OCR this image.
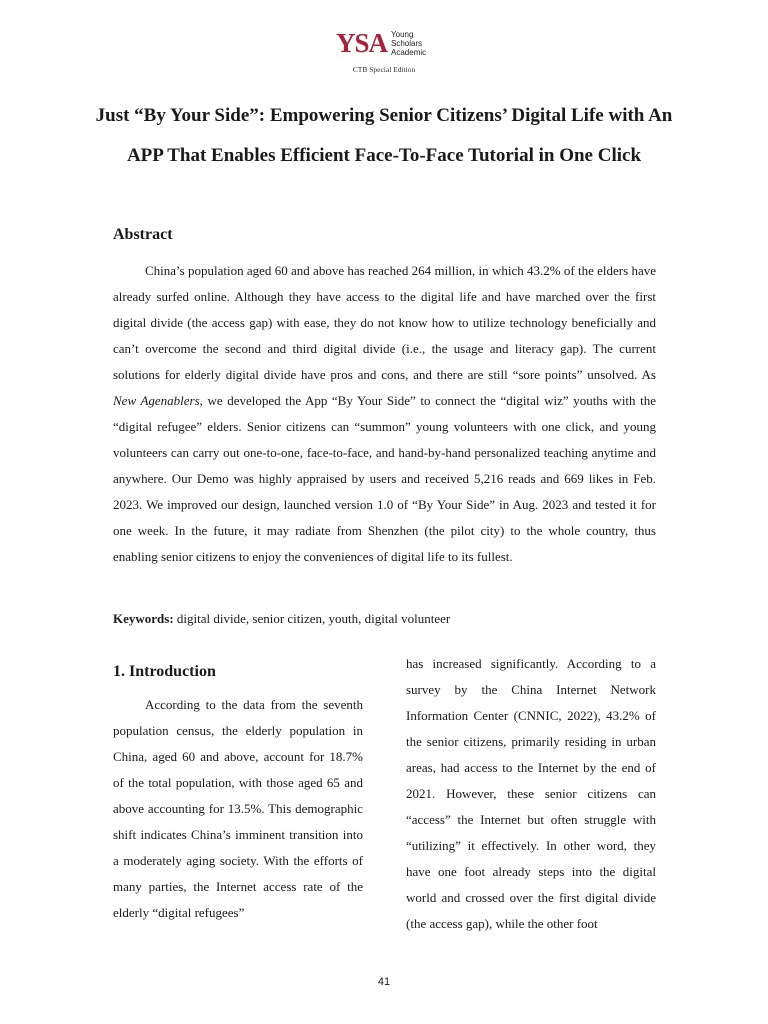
YSA Young
Scholars
Academic
CTB Special Edition
Just “By Your Side”: Empowering Senior Citizens’ Digital Life with An APP That Enables Efficient Face-To-Face Tutorial in One Click
Abstract

China’s population aged 60 and above has reached 264 million, in which 43.2% of the elders have already surfed online. Although they have access to the digital life and have marched over the first digital divide (the access gap) with ease, they do not know how to utilize technology beneficially and can’t overcome the second and third digital divide (i.e., the usage and literacy gap). The current solutions for elderly digital divide have pros and cons, and there are still “sore points” unsolved. As New Agenablers, we developed the App “By Your Side” to connect the “digital wiz” youths with the “digital refugee” elders. Senior citizens can “summon” young volunteers with one click, and young volunteers can carry out one-to-one, face-to-face, and hand-by-hand personalized teaching anytime and anywhere. Our Demo was highly appraised by users and received 5,216 reads and 669 likes in Feb. 2023. We improved our design, launched version 1.0 of “By Your Side” in Aug. 2023 and tested it for one week. In the future, it may radiate from Shenzhen (the pilot city) to the whole country, thus enabling senior citizens to enjoy the conveniences of digital life to its fullest.

Keywords: digital divide, senior citizen, youth, digital volunteer

1. Introduction

According to the data from the seventh population census, the elderly population in China, aged 60 and above, account for 18.7% of the total population, with those aged 65 and above accounting for 13.5%. This demographic shift indicates China’s imminent transition into a moderately aging society. With the efforts of many parties, the Internet access rate of the elderly “digital refugees”

has increased significantly. According to a survey by the China Internet Network Information Center (CNNIC, 2022), 43.2% of the senior citizens, primarily residing in urban areas, had access to the Internet by the end of 2021. However, these senior citizens can “access” the Internet but often struggle with “utilizing” it effectively. In other word, they have one foot already steps into the digital world and crossed over the first digital divide (the access gap), while the other foot

41
